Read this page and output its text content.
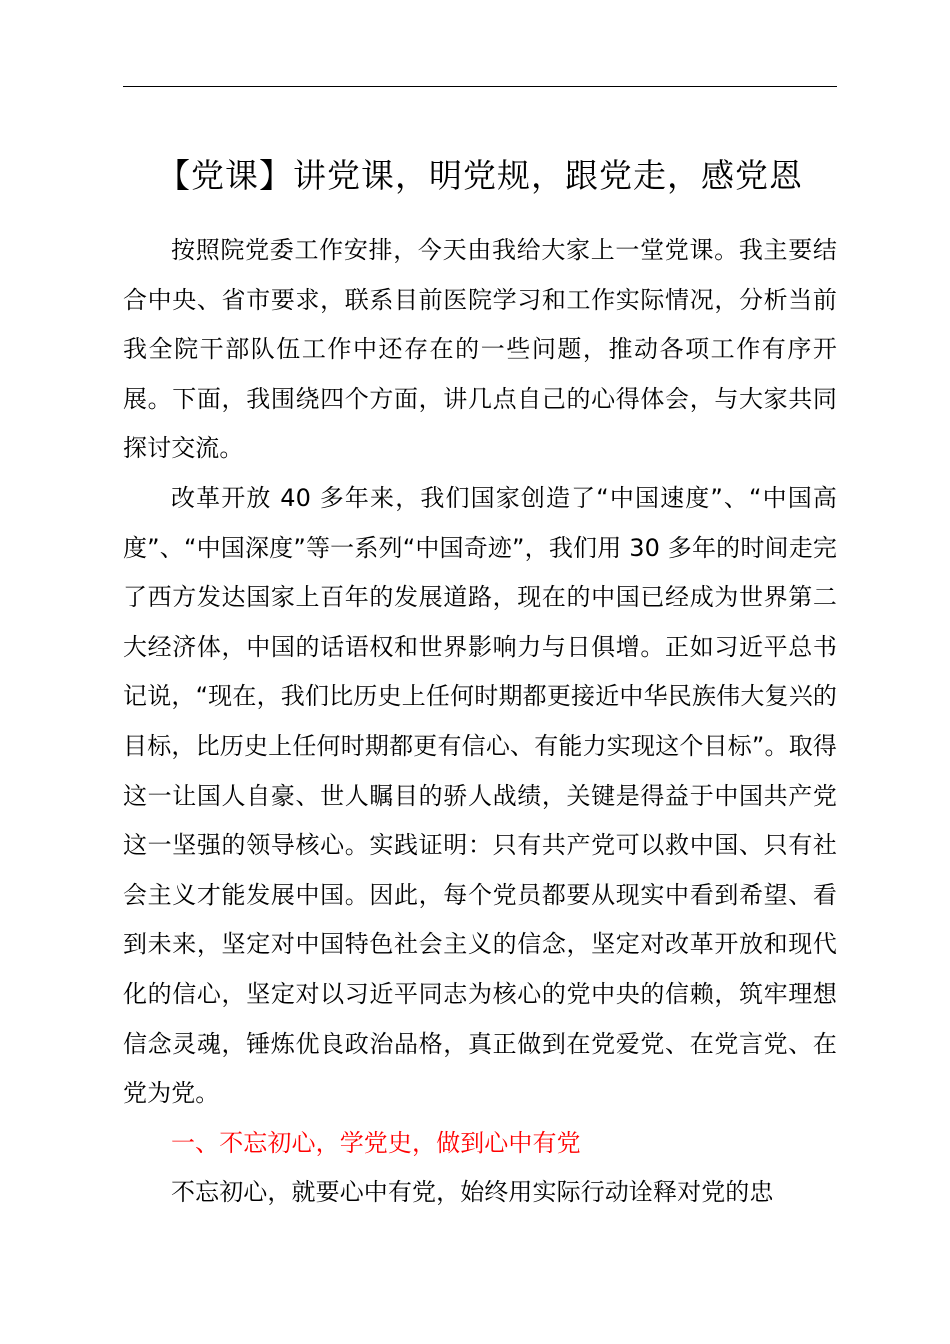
【党课】讲党课，明党规，跟党走，感党恩

按照院党委工作安排，今天由我给大家上一堂党课。我主要结合中央、省市要求，联系目前医院学习和工作实际情况，分析当前我全院干部队伍工作中还存在的一些问题，推动各项工作有序开展。下面，我围绕四个方面，讲几点自己的心得体会，与大家共同探讨交流。

改革开放 40 多年来，我们国家创造了“中国速度”、“中国高度”、“中国深度”等一系列“中国奇迹”，我们用 30 多年的时间走完了西方发达国家上百年的发展道路，现在的中国已经成为世界第二大经济体，中国的话语权和世界影响力与日俱增。正如习近平总书记说，“现在，我们比历史上任何时期都更接近中华民族伟大复兴的目标，比历史上任何时期都更有信心、有能力实现这个目标”。取得这一让国人自豪、世人瞩目的骄人战绩，关键是得益于中国共产党这一坚强的领导核心。实践证明：只有共产党可以救中国、只有社会主义才能发展中国。因此，每个党员都要从现实中看到希望、看到未来，坚定对中国特色社会主义的信念，坚定对改革开放和现代化的信心，坚定对以习近平同志为核心的党中央的信赖，筑牢理想信念灵魂，锤炼优良政治品格，真正做到在党爱党、在党言党、在党为党。

一、不忘初心，学党史，做到心中有党

不忘初心，就要心中有党，始终用实际行动诠释对党的忠
